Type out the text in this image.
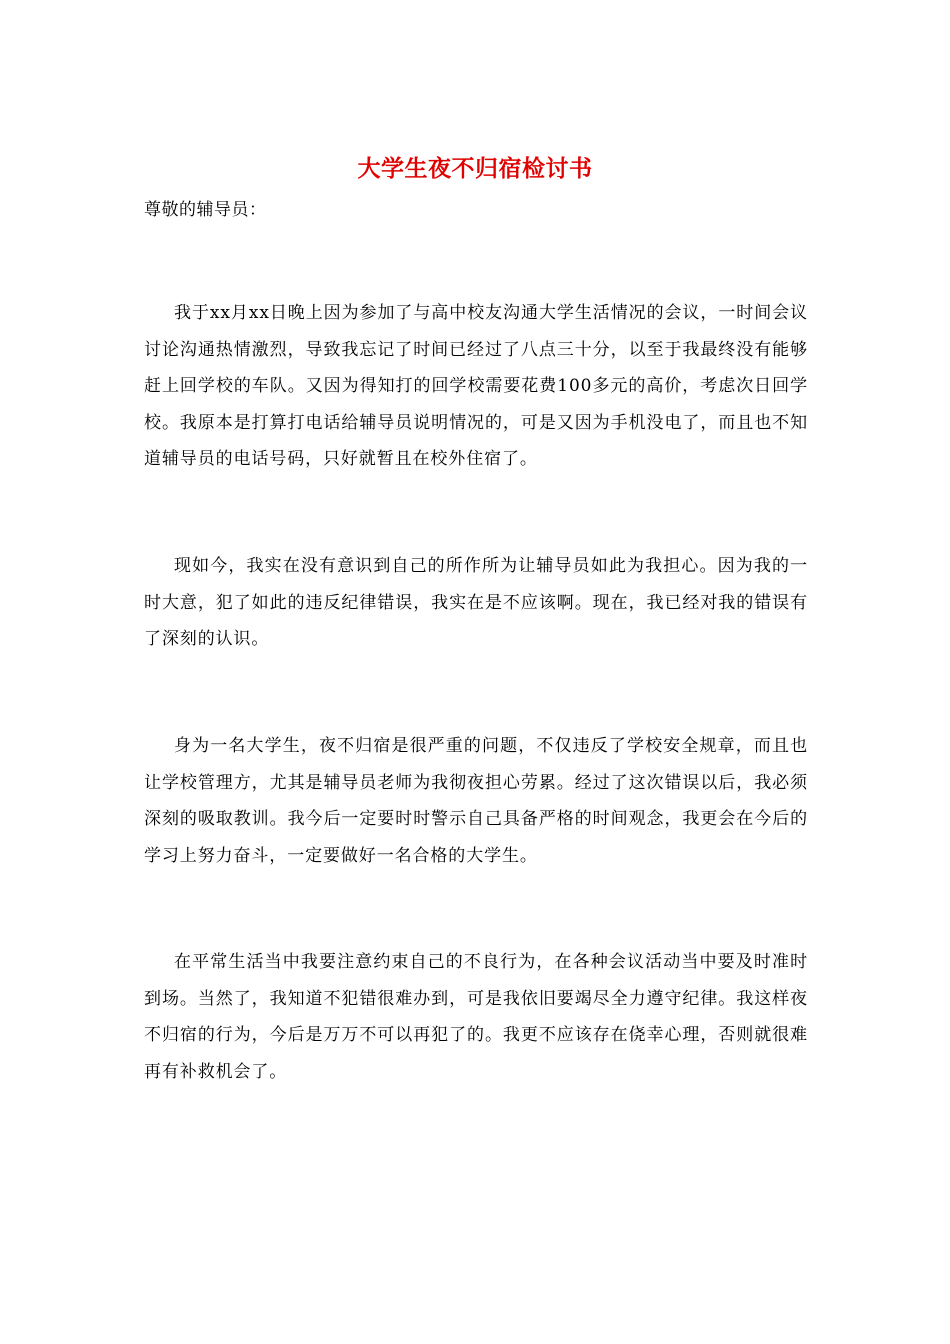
大学生夜不归宿检讨书
尊敬的辅导员：

我于xx月xx日晚上因为参加了与高中校友沟通大学生活情况的会议，一时间会议讨论沟通热情激烈，导致我忘记了时间已经过了八点三十分，以至于我最终没有能够赶上回学校的车队。又因为得知打的回学校需要花费100多元的高价，考虑次日回学校。我原本是打算打电话给辅导员说明情况的，可是又因为手机没电了，而且也不知道辅导员的电话号码，只好就暂且在校外住宿了。

现如今，我实在没有意识到自己的所作所为让辅导员如此为我担心。因为我的一时大意，犯了如此的违反纪律错误，我实在是不应该啊。现在，我已经对我的错误有了深刻的认识。

身为一名大学生，夜不归宿是很严重的问题，不仅违反了学校安全规章，而且也让学校管理方，尤其是辅导员老师为我彻夜担心劳累。经过了这次错误以后，我必须深刻的吸取教训。我今后一定要时时警示自己具备严格的时间观念，我更会在今后的学习上努力奋斗，一定要做好一名合格的大学生。

在平常生活当中我要注意约束自己的不良行为，在各种会议活动当中要及时准时到场。当然了，我知道不犯错很难办到，可是我依旧要竭尽全力遵守纪律。我这样夜不归宿的行为，今后是万万不可以再犯了的。我更不应该存在侥幸心理，否则就很难再有补救机会了。
